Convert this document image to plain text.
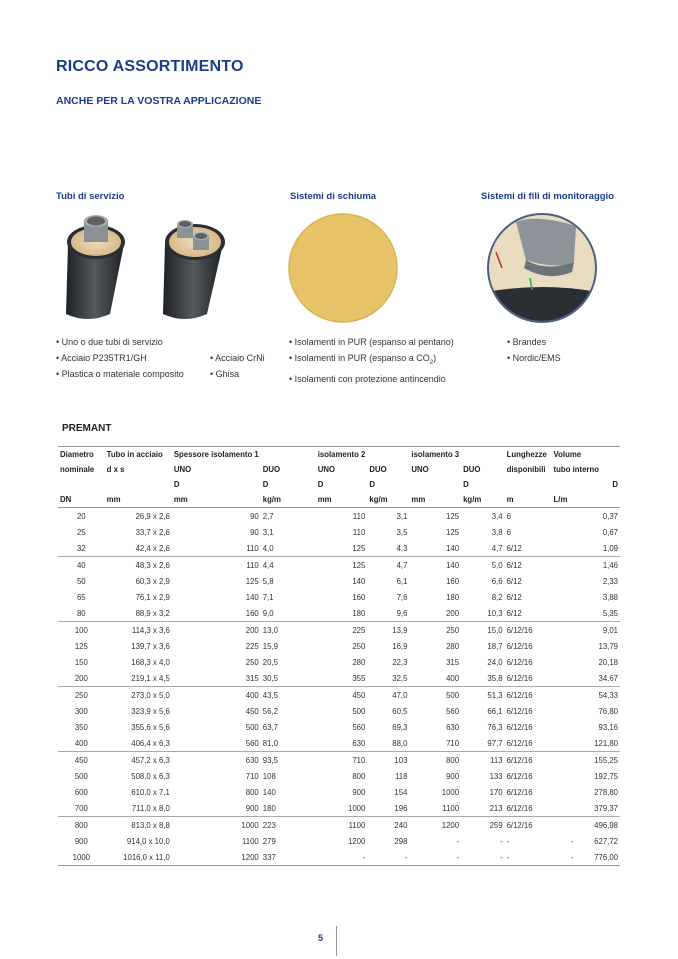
RICCO ASSORTIMENTO
ANCHE PER LA VOSTRA APPLICAZIONE
Tubi di servizio	Sistemi di schiuma	Sistemi di fili di monitoraggio
• Uno o due tubi di servizio
• Acciaio P235TR1/GH
• Plastica o materiale composito
• Acciaio CrNi
• Ghisa
• Isolamenti in PUR (espanso al pentano)
• Isolamenti in PUR (espanso a $CO_2$)
• Isolamenti con protezione antincendio
• Brandes
• Nordic/EMS
PREMANT
Diametro	Tubo in acciaio	Spessore isolamento 1		isolamento 2		isolamento 3		Lunghezze	Volume	
nominale	d x s	UNO	DUO	UNO	DUO	UNO	DUO	disponibili	tubo interno	
		D	D	D	D		D		D	
DN	mm	mm	kg/m	mm	kg/m	mm	kg/m	m	L/m	
20	26,9 x 2,6	90	2,7	110	3,1	125	3,4	6		0,37
25	33,7 x 2,6	90	3,1	110	3,5	125	3,8	6		0,67
32	42,4 x 2,6	110	4,0	125	4,3	140	4,7	6/12		1,09
40	48,3 x 2,6	110	4,4	125	4,7	140	5,0	6/12		1,46
50	60,3 x 2,9	125	5,8	140	6,1	160	6,6	6/12		2,33
65	76,1 x 2,9	140	7,1	160	7,6	180	8,2	6/12		3,88
80	88,9 x 3,2	160	9,0	180	9,6	200	10,3	6/12		5,35
100	114,3 x 3,6	200	13,0	225	13,9	250	15,0	6/12/16		9,01
125	139,7 x 3,6	225	15,9	250	16,9	280	18,7	6/12/16		13,79
150	168,3 x 4,0	250	20,5	280	22,3	315	24,0	6/12/16		20,18
200	219,1 x 4,5	315	30,5	355	32,5	400	35,8	6/12/16		34,67
250	273,0 x 5,0	400	43,5	450	47,0	500	51,3	6/12/16		54,33
300	323,9 x 5,6	450	56,2	500	60,5	560	66,1	6/12/16		76,80
350	355,6 x 5,6	500	63,7	560	69,3	630	76,3	6/12/16		93,16
400	406,4 x 6,3	560	81,0	630	88,0	710	97,7	6/12/16		121,80
450	457,2 x 6,3	630	93,5	710	103	800	113	6/12/16		155,25
500	508,0 x 6,3	710	108	800	118	900	133	6/12/16		192,75
600	610,0 x 7,1	800	140	900	154	1000	170	6/12/16		278,80
700	711,0 x 8,0	900	180	1000	196	1100	213	6/12/16		379,37
800	813,0 x 8,8	1000	223	1100	240	1200	259	6/12/16		496,98
900	914,0 x 10,0	1100	279	1200	298	-	-	-	-	627,72
1000	1016,0 x 11,0	1200	337	-	-	-	-	-	-	776,00
5
